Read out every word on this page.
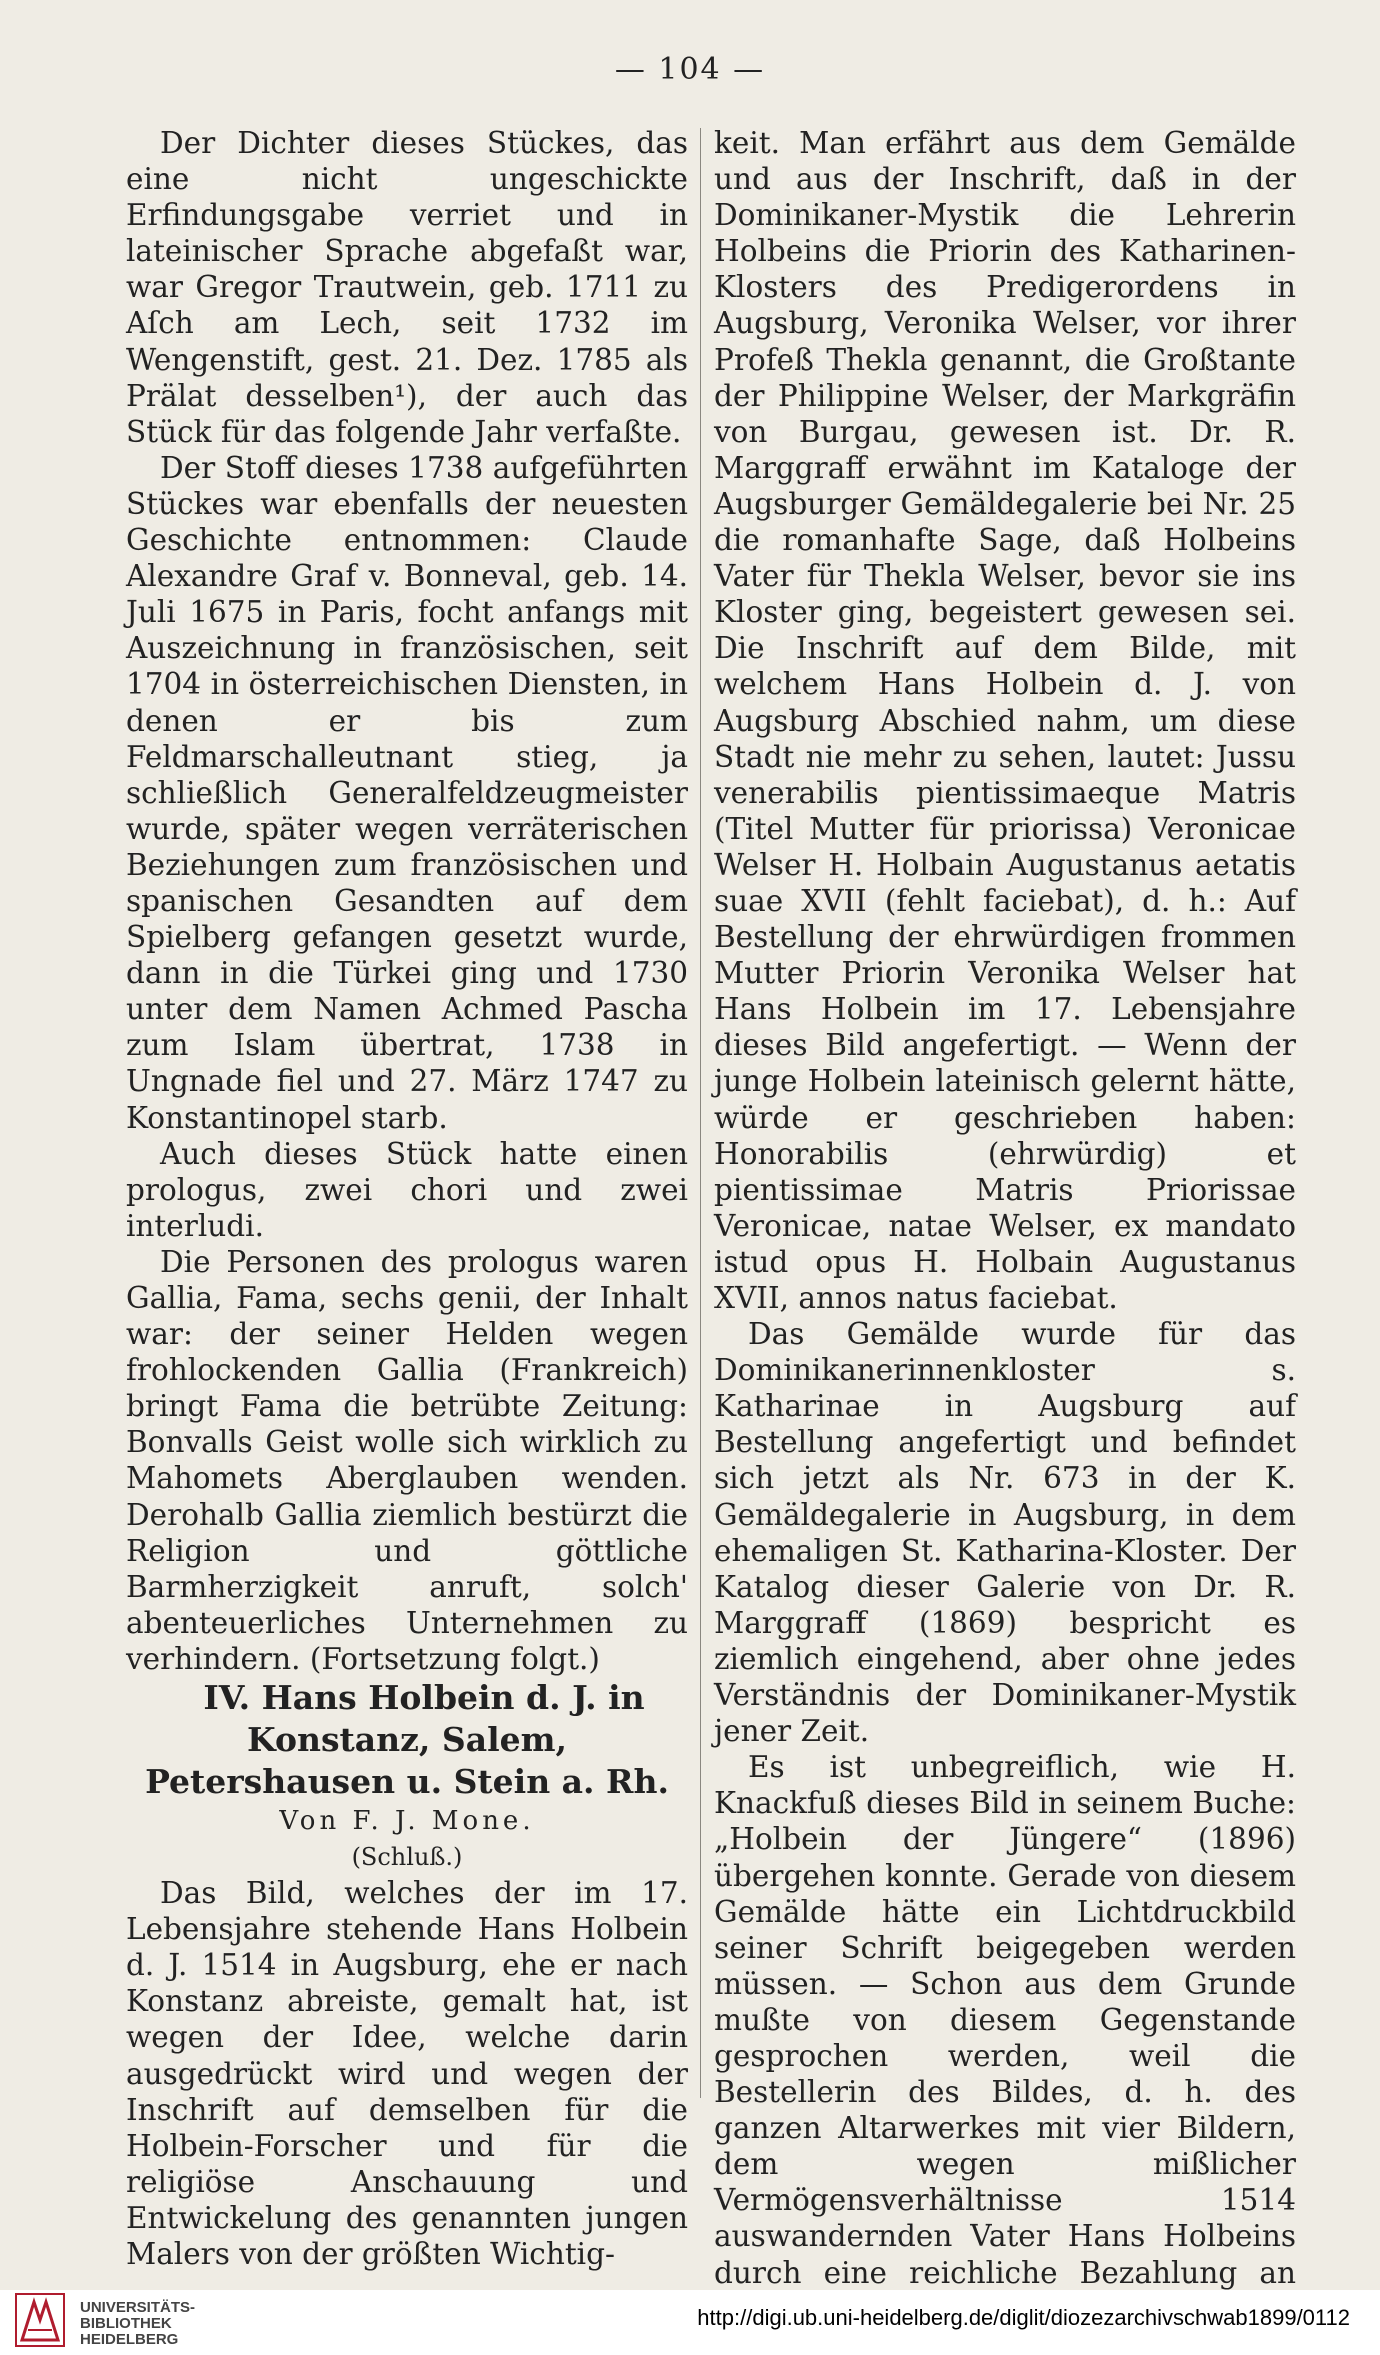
— 104 —

Der Dichter dieses Stückes, das eine nicht ungeschickte Erfindungsgabe verriet und in lateinischer Sprache abgefaßt war, war Gregor Trautwein, geb. 1711 zu Aſch am Lech, seit 1732 im Wengenstift, gest. 21. Dez. 1785 als Prälat desselben¹), der auch das Stück für das folgende Jahr verfaßte.

Der Stoff dieses 1738 aufgeführten Stückes war ebenfalls der neuesten Geschichte entnommen: Claude Alexandre Graf v. Bonneval, geb. 14. Juli 1675 in Paris, focht anfangs mit Auszeichnung in französischen, seit 1704 in österreichischen Diensten, in denen er bis zum Feldmarschalleutnant stieg, ja schließlich Generalfeldzeugmeister wurde, später wegen verräterischen Beziehungen zum französischen und spanischen Gesandten auf dem Spielberg gefangen gesetzt wurde, dann in die Türkei ging und 1730 unter dem Namen Achmed Pascha zum Islam übertrat, 1738 in Ungnade fiel und 27. März 1747 zu Konstantinopel starb.

Auch dieses Stück hatte einen prologus, zwei chori und zwei interludi.

Die Personen des prologus waren Gallia, Fama, sechs genii, der Inhalt war: der seiner Helden wegen frohlockenden Gallia (Frankreich) bringt Fama die betrübte Zeitung: Bonvalls Geist wolle sich wirklich zu Mahomets Aberglauben wenden. Derohalb Gallia ziemlich bestürzt die Religion und göttliche Barmherzigkeit anruft, solch' abenteuerliches Unternehmen zu verhindern. (Fortsetzung folgt.)

IV. Hans Holbein d. J. in Konstanz, Salem, Petershausen u. Stein a. Rh.

Von F. J. Mone.

(Schluß.)

Das Bild, welches der im 17. Lebensjahre stehende Hans Holbein d. J. 1514 in Augsburg, ehe er nach Konstanz abreiste, gemalt hat, ist wegen der Idee, welche darin ausgedrückt wird und wegen der Inschrift auf demselben für die Holbein-Forscher und für die religiöse Anschauung und Entwickelung des genannten jungen Malers von der größten Wichtig-

keit. Man erfährt aus dem Gemälde und aus der Inschrift, daß in der Dominikaner-Mystik die Lehrerin Holbeins die Priorin des Katharinen-Klosters des Predigerordens in Augsburg, Veronika Welser, vor ihrer Profeß Thekla genannt, die Großtante der Philippine Welser, der Markgräfin von Burgau, gewesen ist. Dr. R. Marggraff erwähnt im Kataloge der Augsburger Gemäldegalerie bei Nr. 25 die romanhafte Sage, daß Holbeins Vater für Thekla Welser, bevor sie ins Kloster ging, begeistert gewesen sei. Die Inschrift auf dem Bilde, mit welchem Hans Holbein d. J. von Augsburg Abschied nahm, um diese Stadt nie mehr zu sehen, lautet: Jussu venerabilis pientissimaeque Matris (Titel Mutter für priorissa) Veronicae Welser H. Holbain Augustanus aetatis suae XVII (fehlt faciebat), d. h.: Auf Bestellung der ehrwürdigen frommen Mutter Priorin Veronika Welser hat Hans Holbein im 17. Lebensjahre dieses Bild angefertigt. — Wenn der junge Holbein lateinisch gelernt hätte, würde er geschrieben haben: Honorabilis (ehrwürdig) et pientissimae Matris Priorissae Veronicae, natae Welser, ex mandato istud opus H. Holbain Augustanus XVII, annos natus faciebat.

Das Gemälde wurde für das Dominikanerinnenkloster s. Katharinae in Augsburg auf Bestellung angefertigt und befindet sich jetzt als Nr. 673 in der K. Gemäldegalerie in Augsburg, in dem ehemaligen St. Katharina-Kloster. Der Katalog dieser Galerie von Dr. R. Marggraff (1869) bespricht es ziemlich eingehend, aber ohne jedes Verständnis der Dominikaner-Mystik jener Zeit.

Es ist unbegreiflich, wie H. Knackfuß dieses Bild in seinem Buche: „Holbein der Jüngere“ (1896) übergehen konnte. Gerade von diesem Gemälde hätte ein Lichtdruckbild seiner Schrift beigegeben werden müssen. — Schon aus dem Grunde mußte von diesem Gegenstande gesprochen werden, weil die Bestellerin des Bildes, d. h. des ganzen Altarwerkes mit vier Bildern, dem wegen mißlicher Vermögensverhältnisse 1514 auswandernden Vater Hans Holbeins durch eine reichliche Bezahlung an

UNIVERSITÄTS-
BIBLIOTHEK
HEIDELBERG
http://digi.ub.uni-heidelberg.de/diglit/diozezarchivschwab1899/0112
